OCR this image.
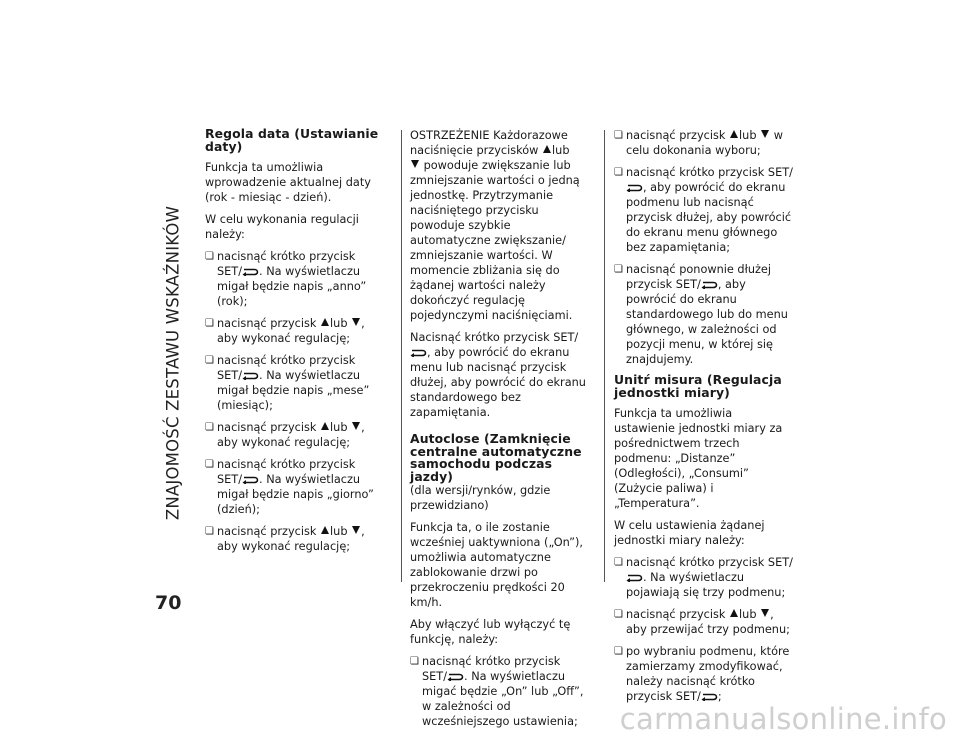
ZNAJOMOŚĆ ZESTAWU WSKAŹNIKÓW
Regola data (Ustawianie daty)

Funkcja ta umożliwia wprowadzenie aktualnej daty (rok - miesiąc - dzień).

W celu wykonania regulacji należy:

❏ nacisnąć krótko przycisk SET/ . Na wyświetlaczu migał będzie napis „anno” (rok);
❏ nacisnąć przycisk lub , aby wykonać regulację;
❏ nacisnąć krótko przycisk SET/ . Na wyświetlaczu migał będzie napis „mese” (miesiąc);
❏ nacisnąć przycisk lub , aby wykonać regulację;
❏ nacisnąć krótko przycisk SET/ . Na wyświetlaczu migał będzie napis „giorno” (dzień);
❏ nacisnąć przycisk lub , aby wykonać regulację;

OSTRZEŻENIE Każdorazowe naciśnięcie przycisków lub
powoduje zwiększanie lub zmniejszanie wartości o jedną jednostkę. Przytrzymanie naciśniętego przycisku powoduje szybkie automatyczne zwiększanie/ zmniejszanie wartości. W momencie zbliżania się do żądanej wartości należy dokończyć regulację pojedynczymi naciśnięciami.

Nacisnąć krótko przycisk SET/, aby powrócić do ekranu menu lub nacisnąć przycisk dłużej, aby powrócić do ekranu standardowego bez zapamiętania.

Autoclose (Zamknięcie centralne automatyczne samochodu podczas jazdy)

(dla wersji/rynków, gdzie przewidziano)

Funkcja ta, o ile zostanie wcześniej uaktywniona („On”), umożliwia automatyczne zablokowanie drzwi po przekroczeniu prędkości 20 km/h.

Aby włączyć lub wyłączyć tę funkcję, należy:

❏ nacisnąć krótko przycisk SET/ . Na wyświetlaczu migać będzie „On” lub „Off”, w zależności od wcześniejszego ustawienia;
❏ nacisnąć przycisk lub w celu dokonania wyboru;
❏ nacisnąć krótko przycisk SET/, aby powrócić do ekranu podmenu lub nacisnąć przycisk dłużej, aby powrócić do ekranu menu głównego bez zapamiętania;
❏ nacisnąć ponownie dłużej przycisk SET/ , aby powrócić do ekranu standardowego lub do menu głównego, w zależności od pozycji menu, w której się znajdujemy.
Unitŕ misura (Regulacja jednostki miary)

Funkcja ta umożliwia ustawienie jednostki miary za pośrednictwem trzech podmenu: „Distanze” (Odległości), „Consumi” (Zużycie paliwa) i „Temperatura”.

W celu ustawienia żądanej jednostki miary należy:

❏ nacisnąć krótko przycisk SET/. Na wyświetlaczu pojawiają się trzy podmenu;
❏ nacisnąć przycisk lub , aby przewijać trzy podmenu;
❏ po wybraniu podmenu, które zamierzamy zmodyfikować, należy nacisnąć krótko przycisk SET/ ;
70
carmanualsonline.info
